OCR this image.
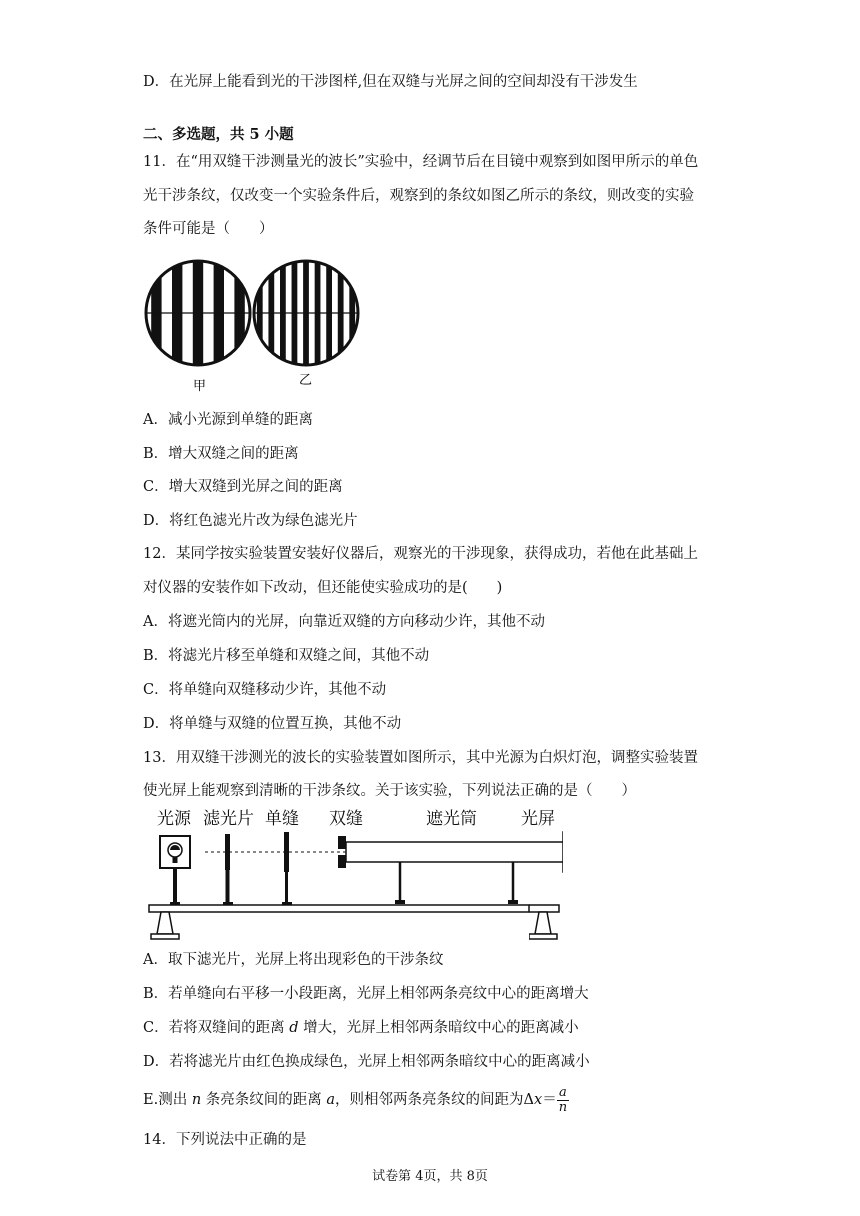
D．在光屏上能看到光的干涉图样,但在双缝与光屏之间的空间却没有干涉发生
二、多选题，共 5 小题
11．在“用双缝干涉测量光的波长”实验中，经调节后在目镜中观察到如图甲所示的单色
光干涉条纹，仅改变一个实验条件后，观察到的条纹如图乙所示的条纹，则改变的实验
条件可能是（　　）
甲	乙
A．减小光源到单缝的距离
B．增大双缝之间的距离
C．增大双缝到光屏之间的距离
D．将红色滤光片改为绿色滤光片
12．某同学按实验装置安装好仪器后，观察光的干涉现象，获得成功，若他在此基础上
对仪器的安装作如下改动，但还能使实验成功的是(　　)
A．将遮光筒内的光屏，向靠近双缝的方向移动少许，其他不动
B．将滤光片移至单缝和双缝之间，其他不动
C．将单缝向双缝移动少许，其他不动
D．将单缝与双缝的位置互换，其他不动
13．用双缝干涉测光的波长的实验装置如图所示，其中光源为白炽灯泡，调整实验装置
使光屏上能观察到清晰的干涉条纹。关于该实验，下列说法正确的是（　　）
光源 滤光片 单缝 双缝	遮光筒	光屏
A．取下滤光片，光屏上将出现彩色的干涉条纹
B．若单缝向右平移一小段距离，光屏上相邻两条亮纹中心的距离增大
C．若将双缝间的距离 d 增大，光屏上相邻两条暗纹中心的距离减小
D．若将滤光片由红色换成绿色，光屏上相邻两条暗纹中心的距离减小
E.测出 n 条亮条纹间的距离 a，则相邻两条亮条纹的间距为$\Delta x= \frac{a}{n}$
14．下列说法中正确的是
试卷第 4页，共 8页
